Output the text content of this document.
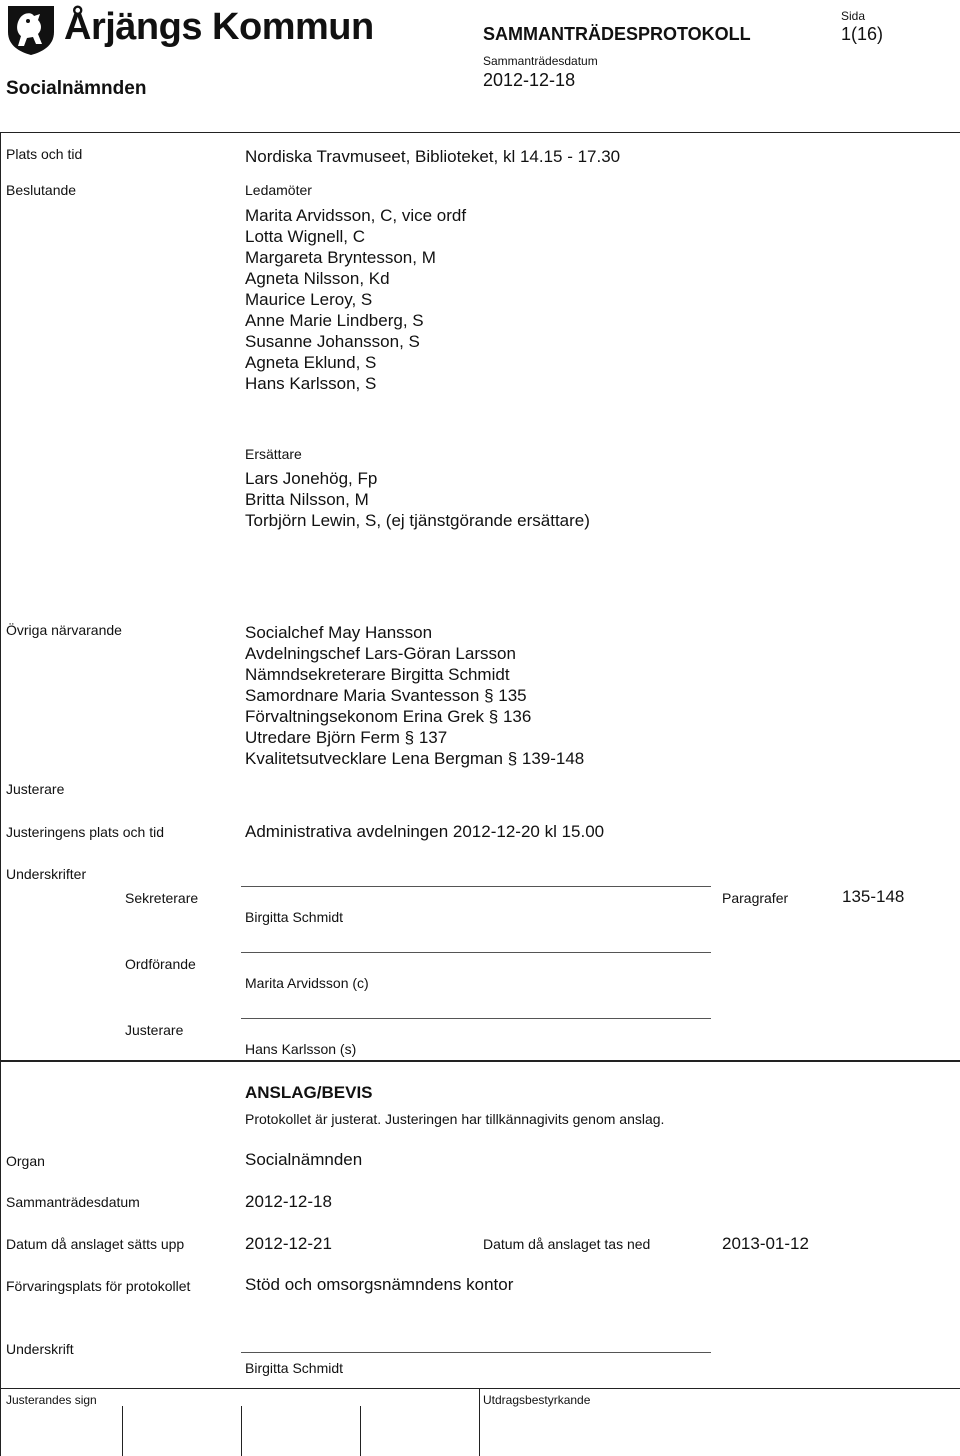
Årjängs Kommun
Socialnämnden
SAMMANTRÄDESPROTOKOLL
Sammanträdesdatum
2012-12-18
Sida
1(16)
Plats och tid	Nordiska Travmuseet, Biblioteket, kl 14.15 - 17.30
Beslutande	Ledamöter
Marita Arvidsson, C, vice ordf
Lotta Wignell, C
Margareta Bryntesson, M
Agneta Nilsson, Kd
Maurice Leroy, S
Anne Marie Lindberg, S
Susanne Johansson, S
Agneta Eklund, S
Hans Karlsson, S
Ersättare
Lars Jonehög, Fp
Britta Nilsson, M
Torbjörn Lewin, S, (ej tjänstgörande ersättare)
Övriga närvarande	Socialchef May Hansson
Avdelningschef Lars-Göran Larsson
Nämndsekreterare Birgitta Schmidt
Samordnare Maria Svantesson § 135
Förvaltningsekonom Erina Grek § 136
Utredare Björn Ferm § 137
Kvalitetsutvecklare Lena Bergman § 139-148
Justerare
Justeringens plats och tid	Administrativa avdelningen 2012-12-20 kl 15.00
Underskrifter
Sekreterare
Birgitta Schmidt
Paragrafer	135-148
Ordförande
Marita Arvidsson (c)
Justerare
Hans Karlsson (s)
ANSLAG/BEVIS
Protokollet är justerat. Justeringen har tillkännagivits genom anslag.
Organ	Socialnämnden
Sammanträdesdatum	2012-12-18
Datum då anslaget sätts upp	2012-12-21	Datum då anslaget tas ned	2013-01-12
Förvaringsplats för protokollet	Stöd och omsorgsnämndens kontor
Underskrift
Birgitta Schmidt
Justerandes sign	Utdragsbestyrkande
